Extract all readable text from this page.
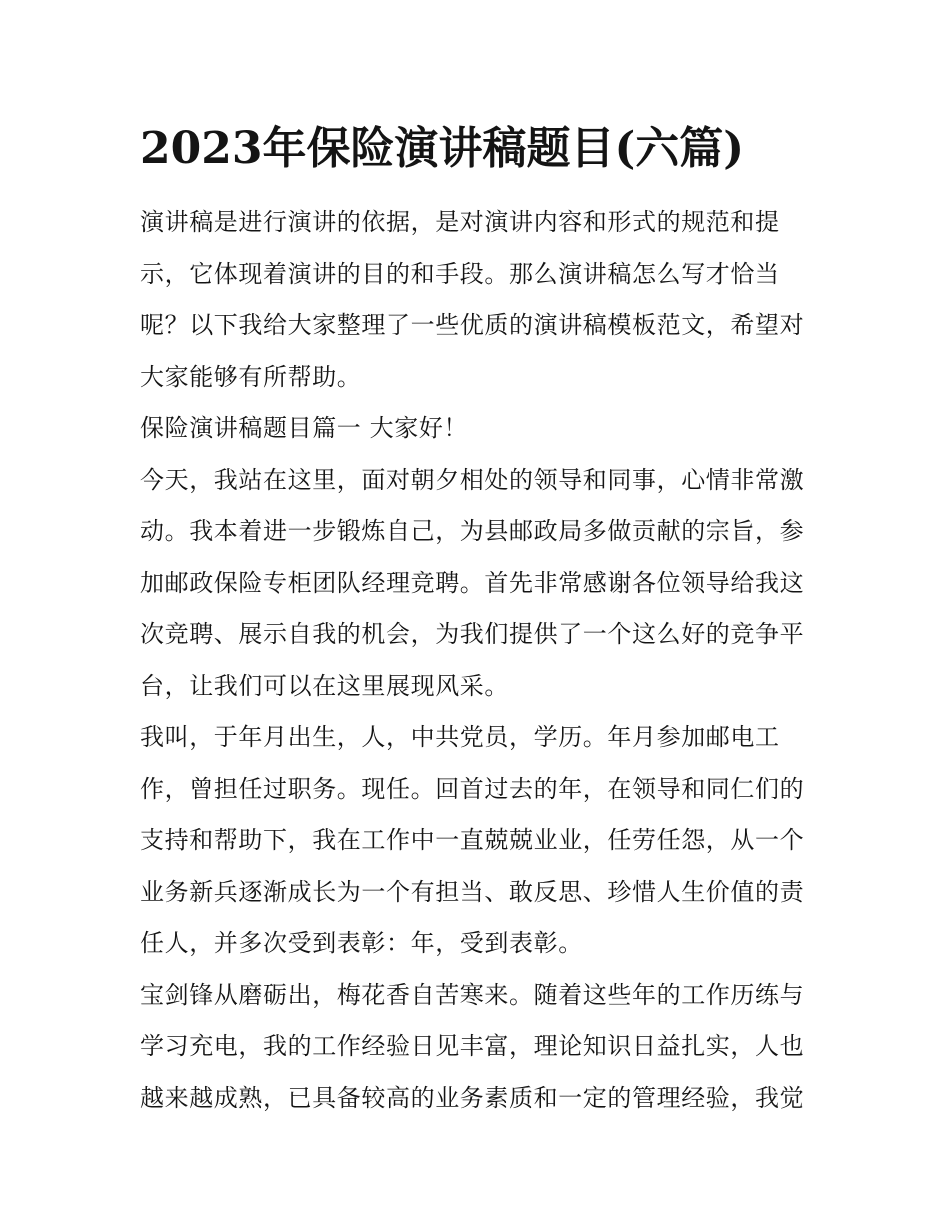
2023年保险演讲稿题目(六篇)

演讲稿是进行演讲的依据，是对演讲内容和形式的规范和提示，它体现着演讲的目的和手段。那么演讲稿怎么写才恰当呢？以下我给大家整理了一些优质的演讲稿模板范文，希望对大家能够有所帮助。

保险演讲稿题目篇一 大家好！

今天，我站在这里，面对朝夕相处的领导和同事，心情非常激动。我本着进一步锻炼自己，为县邮政局多做贡献的宗旨，参加邮政保险专柜团队经理竞聘。首先非常感谢各位领导给我这次竞聘、展示自我的机会，为我们提供了一个这么好的竞争平台，让我们可以在这里展现风采。

我叫，于年月出生，人，中共党员，学历。年月参加邮电工作，曾担任过职务。现任。回首过去的年，在领导和同仁们的支持和帮助下，我在工作中一直兢兢业业，任劳任怨，从一个业务新兵逐渐成长为一个有担当、敢反思、珍惜人生价值的责任人，并多次受到表彰：年，受到表彰。

宝剑锋从磨砺出，梅花香自苦寒来。随着这些年的工作历练与学习充电，我的工作经验日见丰富，理论知识日益扎实，人也越来越成熟，已具备较高的业务素质和一定的管理经验，我觉
